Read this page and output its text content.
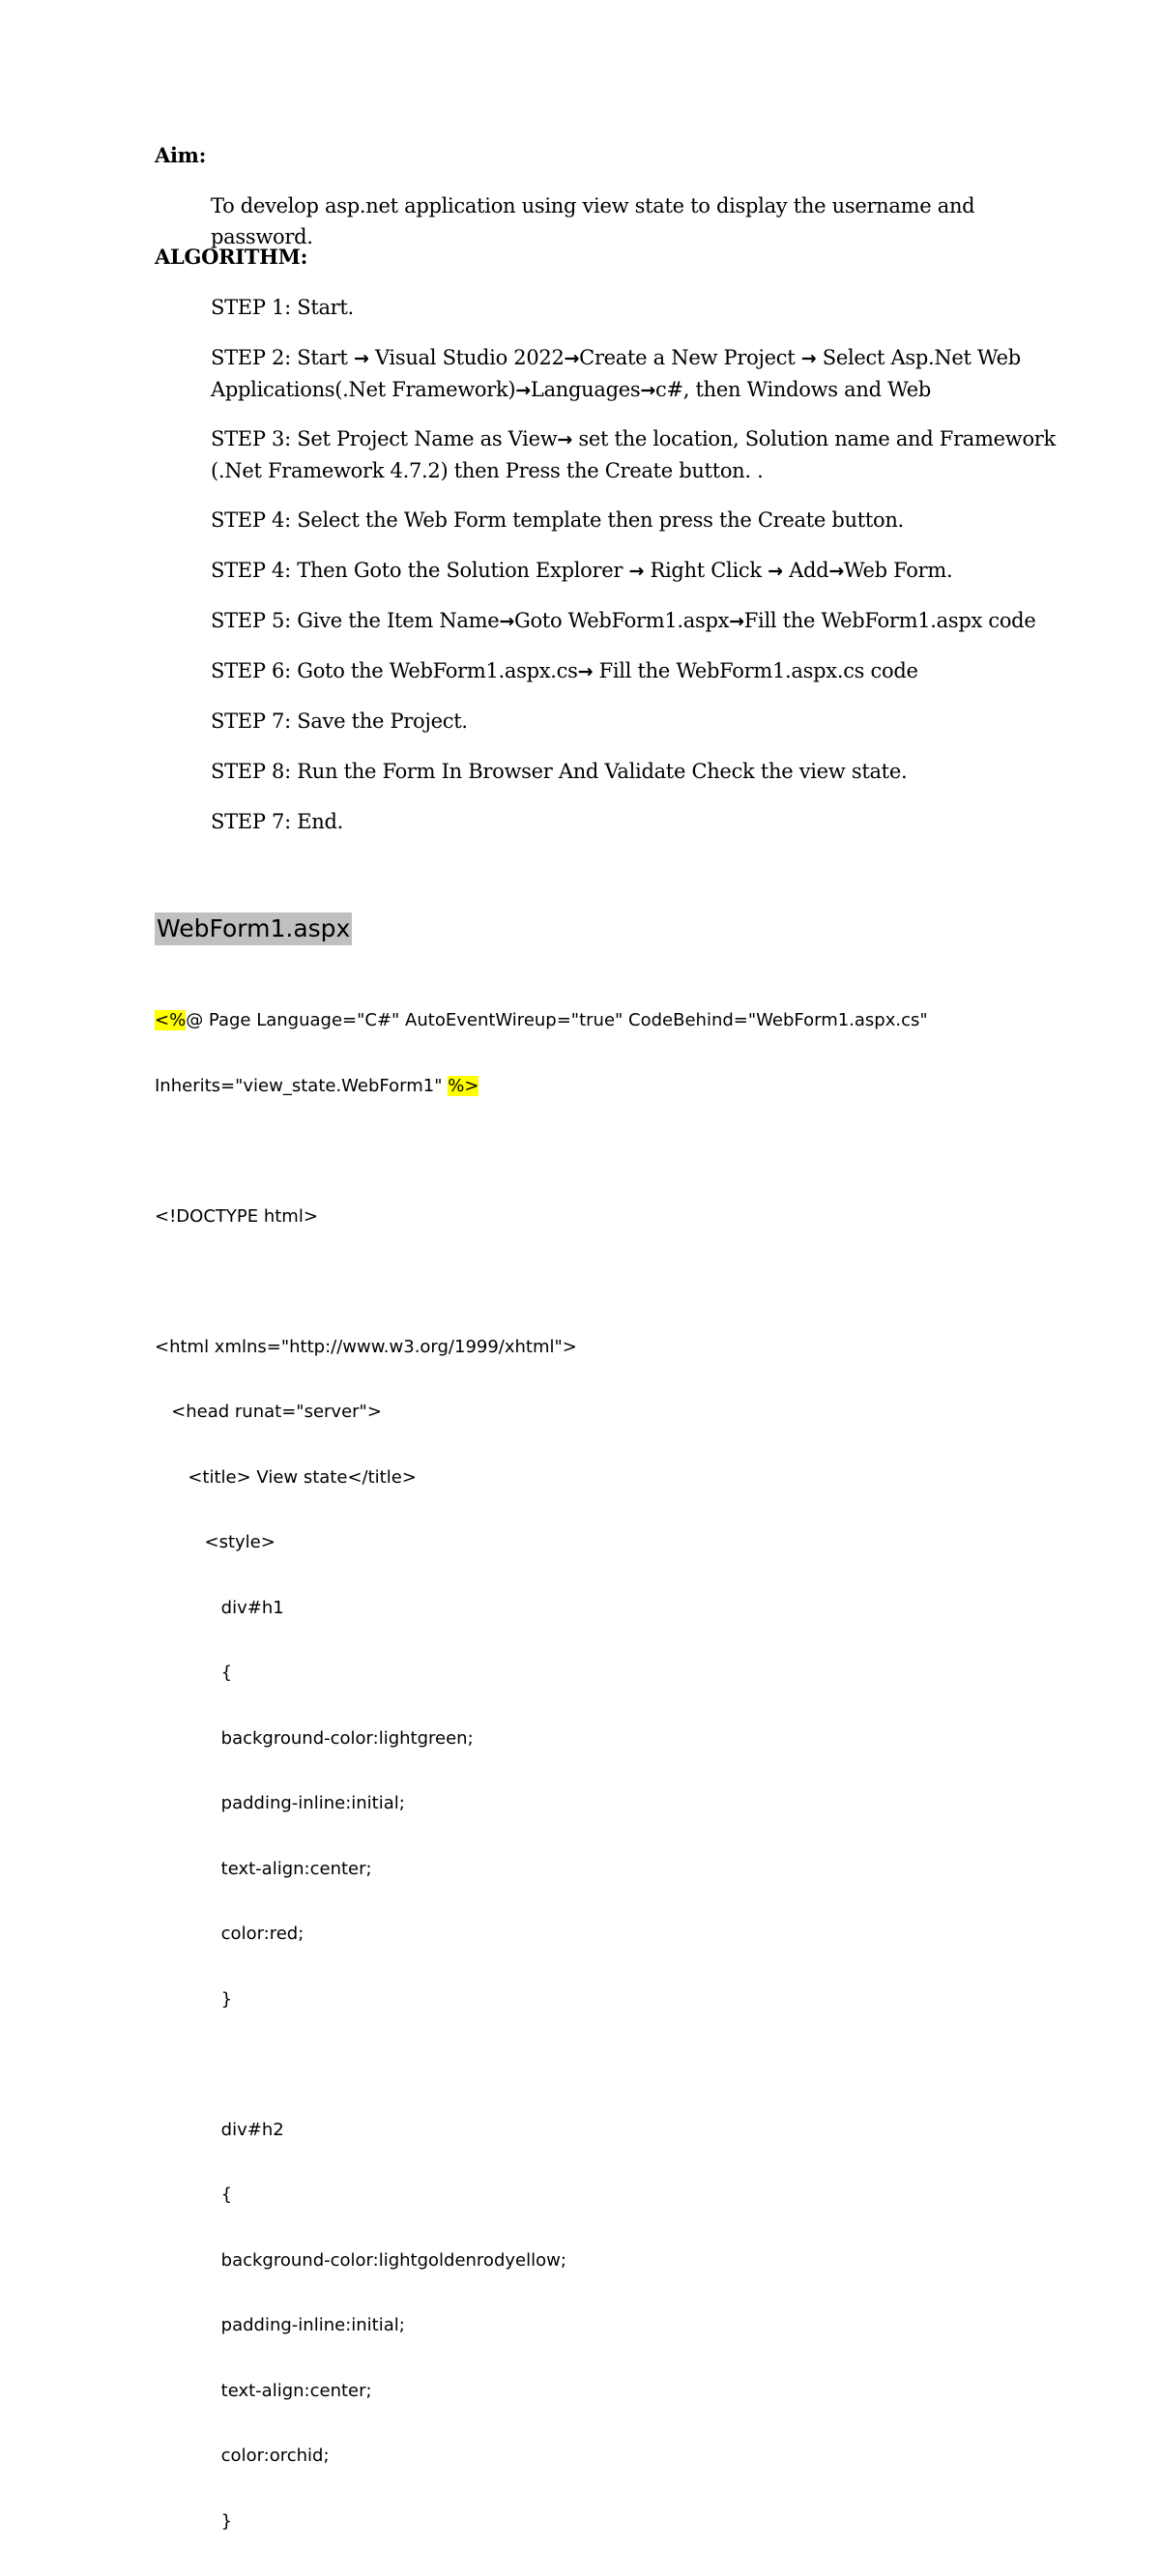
Aim:
To develop asp.net application using view state to display the username and password.
ALGORITHM:
STEP 1: Start.
STEP 2: Start → Visual Studio 2022→Create a New Project → Select Asp.Net Web Applications(.Net Framework)→Languages→c#, then Windows and Web
STEP 3: Set Project Name as View→ set the location, Solution name and Framework (.Net Framework 4.7.2) then Press the Create button. .
STEP 4: Select the Web Form template then press the Create button.
STEP 4: Then Goto the Solution Explorer → Right Click → Add→Web Form.
STEP 5: Give the Item Name→Goto WebForm1.aspx→Fill the WebForm1.aspx code
STEP 6: Goto the WebForm1.aspx.cs→ Fill the WebForm1.aspx.cs code
STEP 7: Save the Project.
STEP 8: Run the Form In Browser And Validate Check the view state.
STEP 7: End.
WebForm1.aspx

<%@ Page Language="C#" AutoEventWireup="true" CodeBehind="WebForm1.aspx.cs"

Inherits="view_state.WebForm1" %>

<!DOCTYPE html>

<html xmlns="http://www.w3.org/1999/xhtml">

<head runat="server">

<title> View state</title>

<style>

div#h1

{

background-color:lightgreen;

padding-inline:initial;

text-align:center;

color:red;

}

div#h2

{

background-color:lightgoldenrodyellow;

padding-inline:initial;

text-align:center;

color:orchid;

}
